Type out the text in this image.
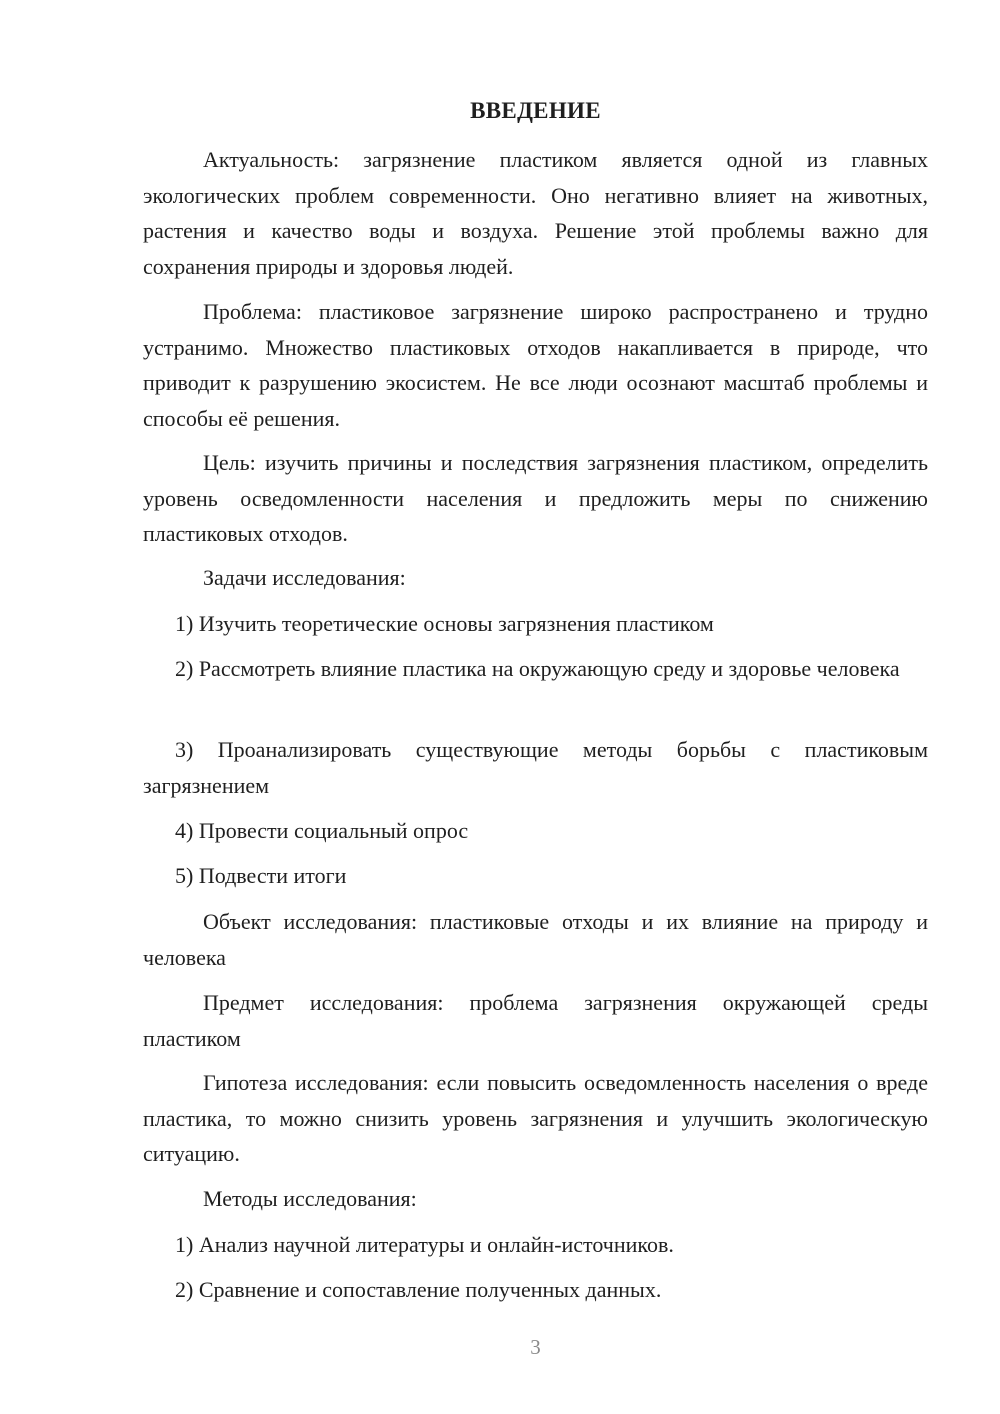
ВВЕДЕНИЕ

Актуальность: загрязнение пластиком является одной из главных экологических проблем современности. Оно негативно влияет на животных, растения и качество воды и воздуха. Решение этой проблемы важно для сохранения природы и здоровья людей.

Проблема: пластиковое загрязнение широко распространено и трудно устранимо. Множество пластиковых отходов накапливается в природе, что приводит к разрушению экосистем. Не все люди осознают масштаб проблемы и способы её решения.

Цель: изучить причины и последствия загрязнения пластиком, определить уровень осведомленности населения и предложить меры по снижению пластиковых отходов.

Задачи исследования:

1) Изучить теоретические основы загрязнения пластиком

2) Рассмотреть влияние пластика на окружающую среду и здоровье человека

3) Проанализировать существующие методы борьбы с пластиковым загрязнением

4) Провести социальный опрос

5) Подвести итоги

Объект исследования: пластиковые отходы и их влияние на природу и человека

Предмет исследования: проблема загрязнения окружающей среды пластиком

Гипотеза исследования: если повысить осведомленность населения о вреде пластика, то можно снизить уровень загрязнения и улучшить экологическую ситуацию.

Методы исследования:

1) Анализ научной литературы и онлайн-источников.

2) Сравнение и сопоставление полученных данных.

3
